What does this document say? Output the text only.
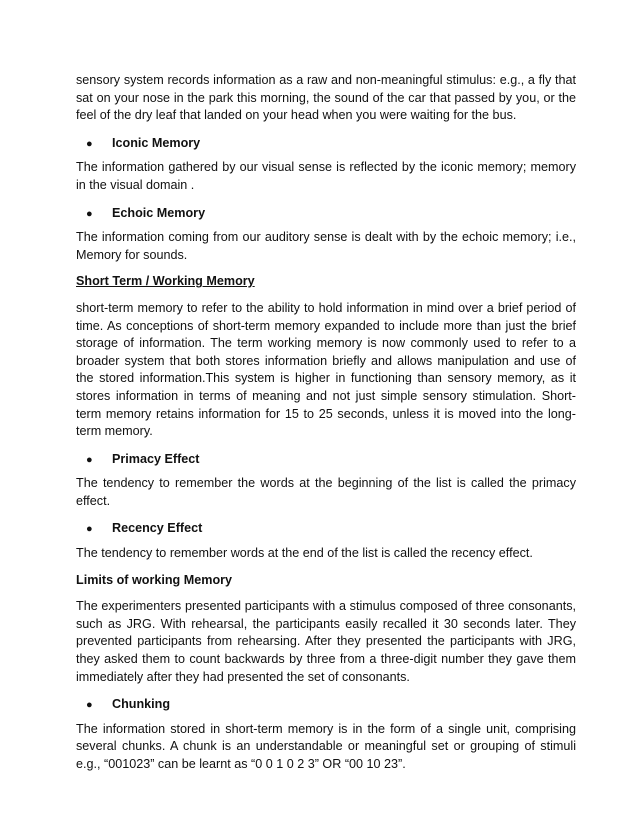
sensory system records information as a raw and non-meaningful stimulus: e.g., a fly that sat on your nose in the park this morning, the sound of the car that passed by you, or the feel of the dry leaf that landed on your head when you were waiting for the bus.

●	Iconic Memory

The information gathered by our visual sense is reflected by the iconic memory; memory in the visual domain .

●	Echoic Memory

The information coming from our auditory sense is dealt with by the echoic memory; i.e., Memory for sounds.

Short Term / Working Memory

short-term memory to refer to the ability to hold information in mind over a brief period of time. As conceptions of short-term memory expanded to include more than just the brief storage of information. The term working memory is now commonly used to refer to a broader system that both stores information briefly and allows manipulation and use of the stored information.This system is higher in functioning than sensory memory, as it stores information in terms of meaning and not just simple sensory stimulation. Short-term memory retains information for 15 to 25 seconds, unless it is moved into the long- term memory.

●	Primacy Effect

The tendency to remember the words at the beginning of the list is called the primacy effect.

●	Recency Effect

The tendency to remember words at the end of the list is called the recency effect.

Limits of working Memory

The experimenters presented participants with a stimulus composed of three consonants, such as JRG. With rehearsal, the participants easily recalled it 30 seconds later. They prevented participants from rehearsing. After they presented the participants with JRG, they asked them to count backwards by three from a three-digit number they gave them immediately after they had presented the set of consonants.

●	Chunking

The information stored in short-term memory is in the form of a single unit, comprising several chunks. A chunk is an understandable or meaningful set or grouping of stimuli e.g., “001023” can be learnt as “0 0 1 0 2 3” OR “00 10 23”.
